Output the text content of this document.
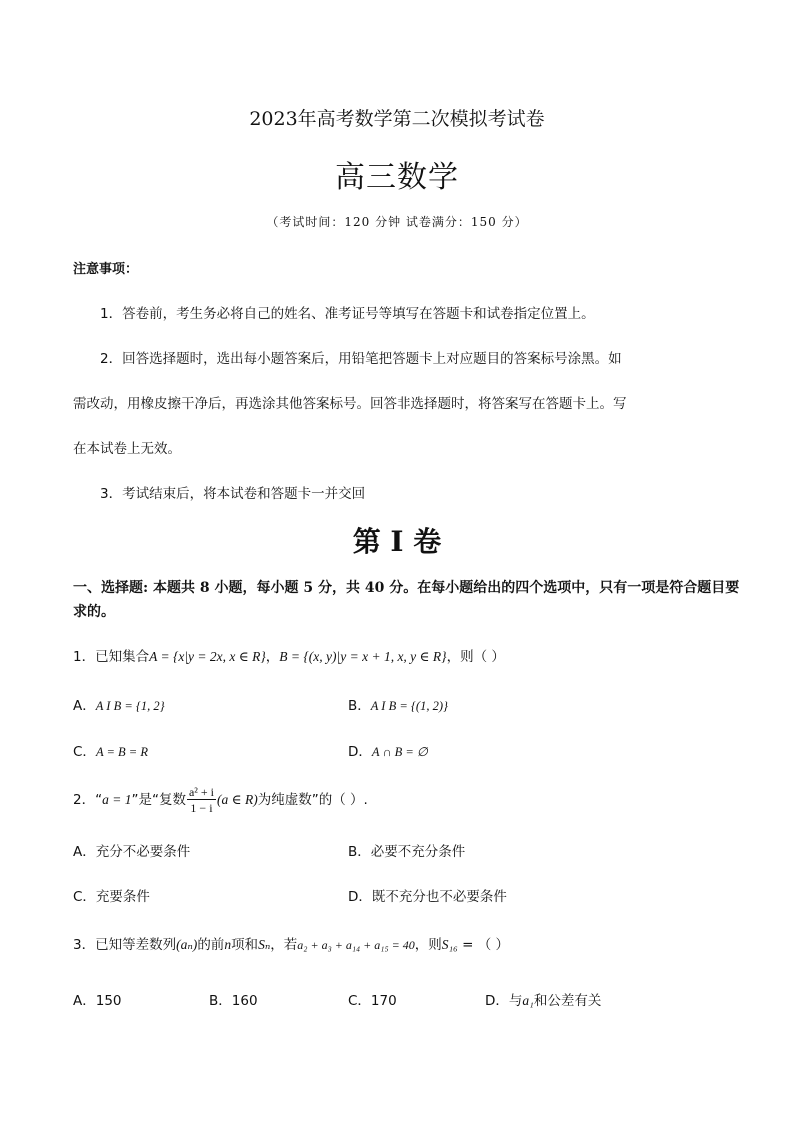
2023年高考数学第二次模拟考试卷
高三数学
（考试时间：120 分钟 试卷满分：150 分）
注意事项：
1．答卷前，考生务必将自己的姓名、准考证号等填写在答题卡和试卷指定位置上。
2．回答选择题时，选出每小题答案后，用铅笔把答题卡上对应题目的答案标号涂黑。如
需改动，用橡皮擦干净后，再选涂其他答案标号。回答非选择题时，将答案写在答题卡上。写
在本试卷上无效。
3．考试结束后，将本试卷和答题卡一并交回
第 I 卷
一、选择题: 本题共 8 小题，每小题 5 分，共 40 分。在每小题给出的四个选项中，只有一项是符合题目要
求的。
1．已知集合A = {x|y = 2x, x ∈ R}，B = {(x, y)|y = x + 1, x, y ∈ R}，则（ ）
A．A I B = {1, 2}	B．A I B = {(1, 2)}
C．A = B = R	D．A ∩ B = ∅
2．“a = 1”是“复数 $\frac{\text{a² + i}}{1 - i} (a$ ∈ R)为纯虚数”的（ ）.
A．充分不必要条件	B．必要不充分条件
C．充要条件	D．既不充分也不必要条件
3．已知等差数列(aₙ)的前n项和Sₙ，若a₂ + a₃ + a₁₄ + a₁₅ = 40，则S₁₆ = （ ）
A．150	B．160	C．170	D．与a₁和公差有关
